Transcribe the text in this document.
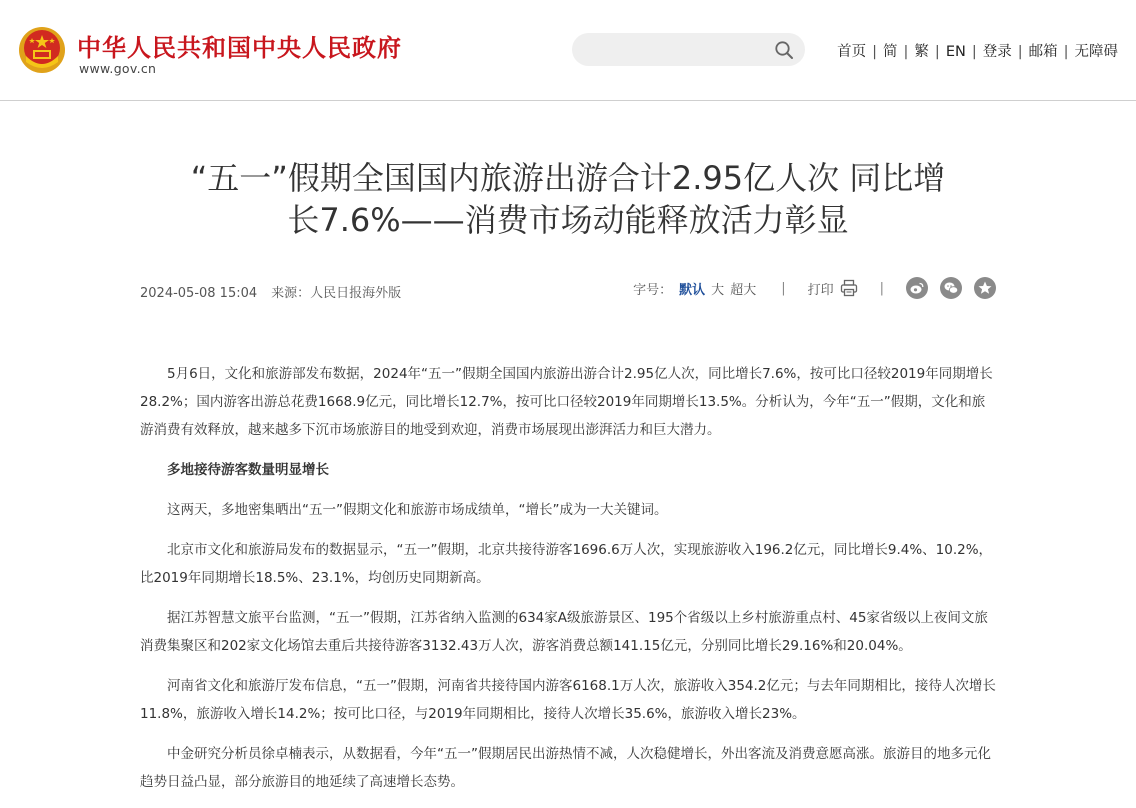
中华人民共和国中央人民政府
www.gov.cn
首页 | 简 | 繁 | EN | 登录 | 邮箱 | 无障碍
“五一”假期全国国内旅游出游合计2.95亿人次 同比增
长7.6%——消费市场动能释放活力彰显
2024-05-08 15:04 来源：人民日报海外版	字号： 默认 大 超大 | 打印	|

5月6日，文化和旅游部发布数据，2024年“五一”假期全国国内旅游出游合计2.95亿人次，同比增长7.6%，按可比口径较2019年同期增长28.2%；国内游客出游总花费1668.9亿元，同比增长12.7%，按可比口径较2019年同期增长13.5%。分析认为，今年“五一”假期，文化和旅游消费有效释放，越来越多下沉市场旅游目的地受到欢迎，消费市场展现出澎湃活力和巨大潜力。

多地接待游客数量明显增长

这两天，多地密集晒出“五一”假期文化和旅游市场成绩单，“增长”成为一大关键词。

北京市文化和旅游局发布的数据显示，“五一”假期，北京共接待游客1696.6万人次，实现旅游收入196.2亿元，同比增长9.4%、10.2%，比2019年同期增长18.5%、23.1%，均创历史同期新高。

据江苏智慧文旅平台监测，“五一”假期，江苏省纳入监测的634家A级旅游景区、195个省级以上乡村旅游重点村、45家省级以上夜间文旅消费集聚区和202家文化场馆去重后共接待游客3132.43万人次，游客消费总额141.15亿元，分别同比增长29.16%和20.04%。

河南省文化和旅游厅发布信息，“五一”假期，河南省共接待国内游客6168.1万人次，旅游收入354.2亿元；与去年同期相比，接待人次增长11.8%，旅游收入增长14.2%；按可比口径，与2019年同期相比，接待人次增长35.6%，旅游收入增长23%。

中金研究分析员徐卓楠表示，从数据看，今年“五一”假期居民出游热情不减，人次稳健增长，外出客流及消费意愿高涨。旅游目的地多元化趋势日益凸显，部分旅游目的地延续了高速增长态势。
